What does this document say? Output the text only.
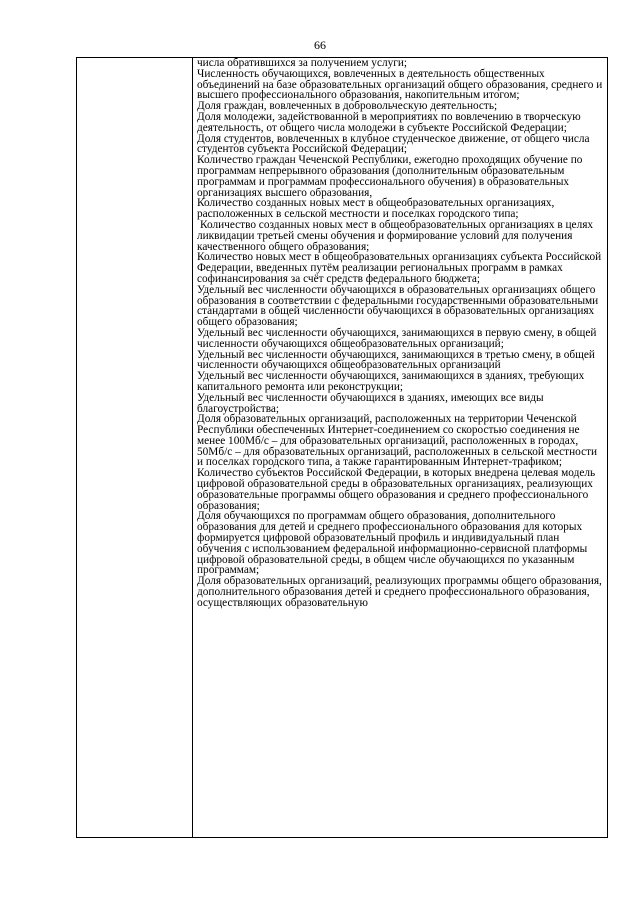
66

числа обратившихся за получением услуги;

Численность обучающихся, вовлеченных в деятельность общественных объединений на базе образовательных организаций общего образования, среднего и высшего профессионального образования, накопительным итогом;

Доля граждан, вовлеченных в добровольческую деятельность;

Доля молодежи, задействованной в мероприятиях по вовлечению в творческую деятельность, от общего числа молодежи в субъекте Российской Федерации;

Доля студентов, вовлеченных в клубное студенческое движение, от общего числа студентов субъекта Российской Федерации;

Количество граждан Чеченской Республики, ежегодно проходящих обучение по программам непрерывного образования (дополнительным образовательным программам и программам профессионального обучения) в образовательных организациях высшего образования,

Количество созданных новых мест в общеобразовательных организациях, расположенных в сельской местности и поселках городского типа;

Количество созданных новых мест в общеобразовательных организациях в целях ликвидации третьей смены обучения и формирование условий для получения качественного общего образования;

Количество новых мест в общеобразовательных организациях субъекта Российской Федерации, введенных путём реализации региональных программ в рамках софинансирования за счёт средств федерального бюджета;

Удельный вес численности обучающихся в образовательных организациях общего образования в соответствии с федеральными государственными образовательными стандартами в общей численности обучающихся в образовательных организациях общего образования;

Удельный вес численности обучающихся, занимающихся в первую смену, в общей численности обучающихся общеобразовательных организаций;

Удельный вес численности обучающихся, занимающихся в третью смену, в общей численности обучающихся общеобразовательных организаций

Удельный вес численности обучающихся, занимающихся в зданиях, требующих капитального ремонта или реконструкции;

Удельный вес численности обучающихся в зданиях, имеющих все виды благоустройства;

Доля образовательных организаций, расположенных на территории Чеченской Республики обеспеченных Интернет-соединением со скоростью соединения не менее 100Мб/с – для образовательных организаций, расположенных в городах, 50Мб/с – для образовательных организаций, расположенных в сельской местности и поселках городского типа, а также гарантированным Интернет-трафиком;

Количество субъектов Российской Федерации, в которых внедрена целевая модель цифровой образовательной среды в образовательных организациях, реализующих образовательные программы общего образования и среднего профессионального образования;

Доля обучающихся по программам общего образования, дополнительного образования для детей и среднего профессионального образования для которых формируется цифровой образовательный профиль и индивидуальный план обучения с использованием федеральной информационно-сервисной платформы цифровой образовательной среды, в общем числе обучающихся по указанным программам;

Доля образовательных организаций, реализующих программы общего образования, дополнительного образования детей и среднего профессионального образования, осуществляющих образовательную
